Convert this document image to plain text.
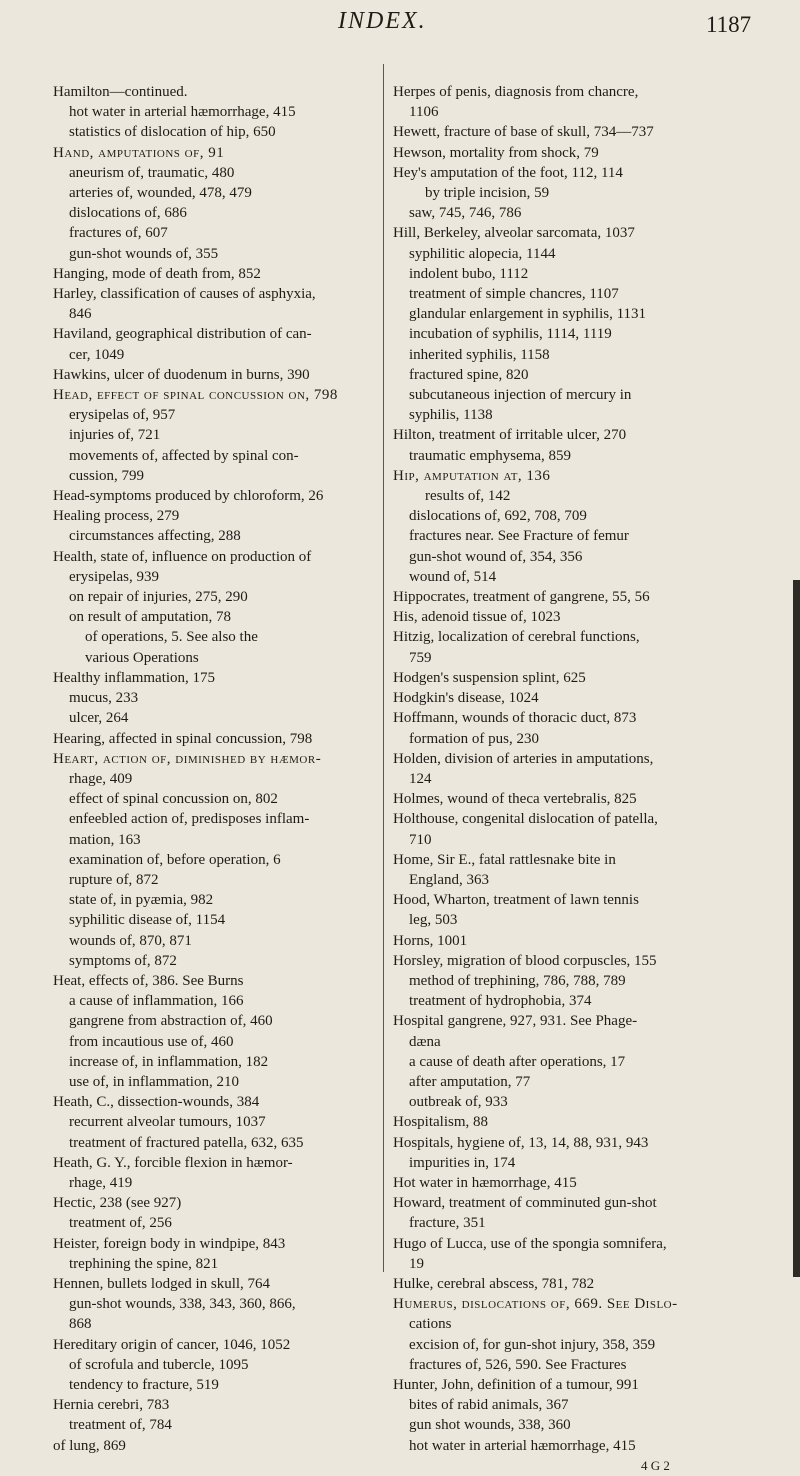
INDEX.	1187
Hamilton—continued.
hot water in arterial hæmorrhage, 415
statistics of dislocation of hip, 650
Hand, amputations of, 91
aneurism of, traumatic, 480
arteries of, wounded, 478, 479
dislocations of, 686
fractures of, 607
gun-shot wounds of, 355
Hanging, mode of death from, 852
Harley, classification of causes of asphyxia,
846
Haviland, geographical distribution of can-
cer, 1049
Hawkins, ulcer of duodenum in burns, 390
Head, effect of spinal concussion on, 798
erysipelas of, 957
injuries of, 721
movements of, affected by spinal con-
cussion, 799
Head-symptoms produced by chloroform, 26
Healing process, 279
circumstances affecting, 288
Health, state of, influence on production of
erysipelas, 939
on repair of injuries, 275, 290
on result of amputation, 78
of operations, 5. See also the
various Operations
Healthy inflammation, 175
mucus, 233
ulcer, 264
Hearing, affected in spinal concussion, 798
Heart, action of, diminished by hæmor-
rhage, 409
effect of spinal concussion on, 802
enfeebled action of, predisposes inflam-
mation, 163
examination of, before operation, 6
rupture of, 872
state of, in pyæmia, 982
syphilitic disease of, 1154
wounds of, 870, 871
symptoms of, 872
Heat, effects of, 386. See Burns
a cause of inflammation, 166
gangrene from abstraction of, 460
from incautious use of, 460
increase of, in inflammation, 182
use of, in inflammation, 210
Heath, C., dissection-wounds, 384
recurrent alveolar tumours, 1037
treatment of fractured patella, 632, 635
Heath, G. Y., forcible flexion in hæmor-
rhage, 419
Hectic, 238 (see 927)
treatment of, 256
Heister, foreign body in windpipe, 843
trephining the spine, 821
Hennen, bullets lodged in skull, 764
gun-shot wounds, 338, 343, 360, 866,
868
Hereditary origin of cancer, 1046, 1052
of scrofula and tubercle, 1095
tendency to fracture, 519
Hernia cerebri, 783
treatment of, 784
of lung, 869
Herpes of penis, diagnosis from chancre,
1106
Hewett, fracture of base of skull, 734—737
Hewson, mortality from shock, 79
Hey's amputation of the foot, 112, 114
by triple incision, 59
saw, 745, 746, 786
Hill, Berkeley, alveolar sarcomata, 1037
syphilitic alopecia, 1144
indolent bubo, 1112
treatment of simple chancres, 1107
glandular enlargement in syphilis, 1131
incubation of syphilis, 1114, 1119
inherited syphilis, 1158
fractured spine, 820
subcutaneous injection of mercury in
syphilis, 1138
Hilton, treatment of irritable ulcer, 270
traumatic emphysema, 859
Hip, amputation at, 136
results of, 142
dislocations of, 692, 708, 709
fractures near. See Fracture of femur
gun-shot wound of, 354, 356
wound of, 514
Hippocrates, treatment of gangrene, 55, 56
His, adenoid tissue of, 1023
Hitzig, localization of cerebral functions,
759
Hodgen's suspension splint, 625
Hodgkin's disease, 1024
Hoffmann, wounds of thoracic duct, 873
formation of pus, 230
Holden, division of arteries in amputations,
124
Holmes, wound of theca vertebralis, 825
Holthouse, congenital dislocation of patella,
710
Home, Sir E., fatal rattlesnake bite in
England, 363
Hood, Wharton, treatment of lawn tennis
leg, 503
Horns, 1001
Horsley, migration of blood corpuscles, 155
method of trephining, 786, 788, 789
treatment of hydrophobia, 374
Hospital gangrene, 927, 931. See Phage-
dæna
a cause of death after operations, 17
after amputation, 77
outbreak of, 933
Hospitalism, 88
Hospitals, hygiene of, 13, 14, 88, 931, 943
impurities in, 174
Hot water in hæmorrhage, 415
Howard, treatment of comminuted gun-shot
fracture, 351
Hugo of Lucca, use of the spongia somnifera,
19
Hulke, cerebral abscess, 781, 782
Humerus, dislocations of, 669. See Dislo-
cations
excision of, for gun-shot injury, 358, 359
fractures of, 526, 590. See Fractures
Hunter, John, definition of a tumour, 991
bites of rabid animals, 367
gun shot wounds, 338, 360
hot water in arterial hæmorrhage, 415
4 G 2
